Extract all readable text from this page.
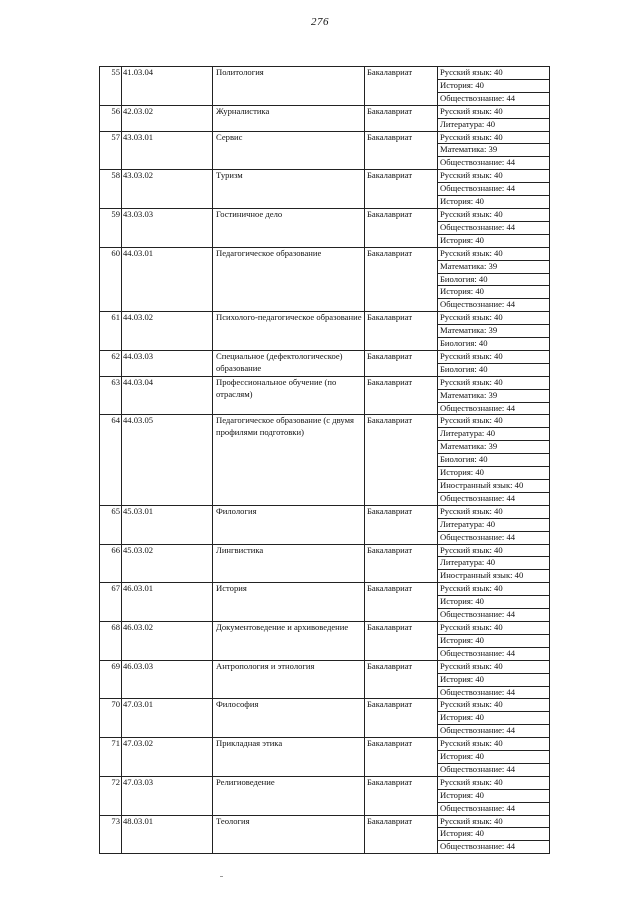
276
55	41.03.04	Политология	Бакалавриат	Русский язык: 40
				История: 40
				Обществознание: 44
56	42.03.02	Журналистика	Бакалавриат	Русский язык: 40
				Литература: 40
57	43.03.01	Сервис	Бакалавриат	Русский язык: 40
				Математика: 39
				Обществознание: 44
58	43.03.02	Туризм	Бакалавриат	Русский язык: 40
				Обществознание: 44
				История: 40
59	43.03.03	Гостиничное дело	Бакалавриат	Русский язык: 40
				Обществознание: 44
				История: 40
60	44.03.01	Педагогическое образование	Бакалавриат	Русский язык: 40
				Математика: 39
				Биология: 40
				История: 40
				Обществознание: 44
61	44.03.02	Психолого-педагогическое образование	Бакалавриат	Русский язык: 40
				Математика: 39
				Биология: 40
62	44.03.03	Специальное (дефектологическое) образование	Бакалавриат	Русский язык: 40
				Биология: 40
63	44.03.04	Профессиональное обучение (по отраслям)	Бакалавриат	Русский язык: 40
				Математика: 39
				Обществознание: 44
64	44.03.05	Педагогическое образование (с двумя профилями подготовки)	Бакалавриат	Русский язык: 40
				Литература: 40
				Математика: 39
				Биология: 40
				История: 40
				Иностранный язык: 40
				Обществознание: 44
65	45.03.01	Филология	Бакалавриат	Русский язык: 40
				Литература: 40
				Обществознание: 44
66	45.03.02	Лингвистика	Бакалавриат	Русский язык: 40
				Литература: 40
				Иностранный язык: 40
67	46.03.01	История	Бакалавриат	Русский язык: 40
				История: 40
				Обществознание: 44
68	46.03.02	Документоведение и архивоведение	Бакалавриат	Русский язык: 40
				История: 40
				Обществознание: 44
69	46.03.03	Антропология и этнология	Бакалавриат	Русский язык: 40
				История: 40
				Обществознание: 44
70	47.03.01	Философия	Бакалавриат	Русский язык: 40
				История: 40
				Обществознание: 44
71	47.03.02	Прикладная этика	Бакалавриат	Русский язык: 40
				История: 40
				Обществознание: 44
72	47.03.03	Религиоведение	Бакалавриат	Русский язык: 40
				История: 40
				Обществознание: 44
73	48.03.01	Теология	Бакалавриат	Русский язык: 40
				История: 40
				Обществознание: 44
